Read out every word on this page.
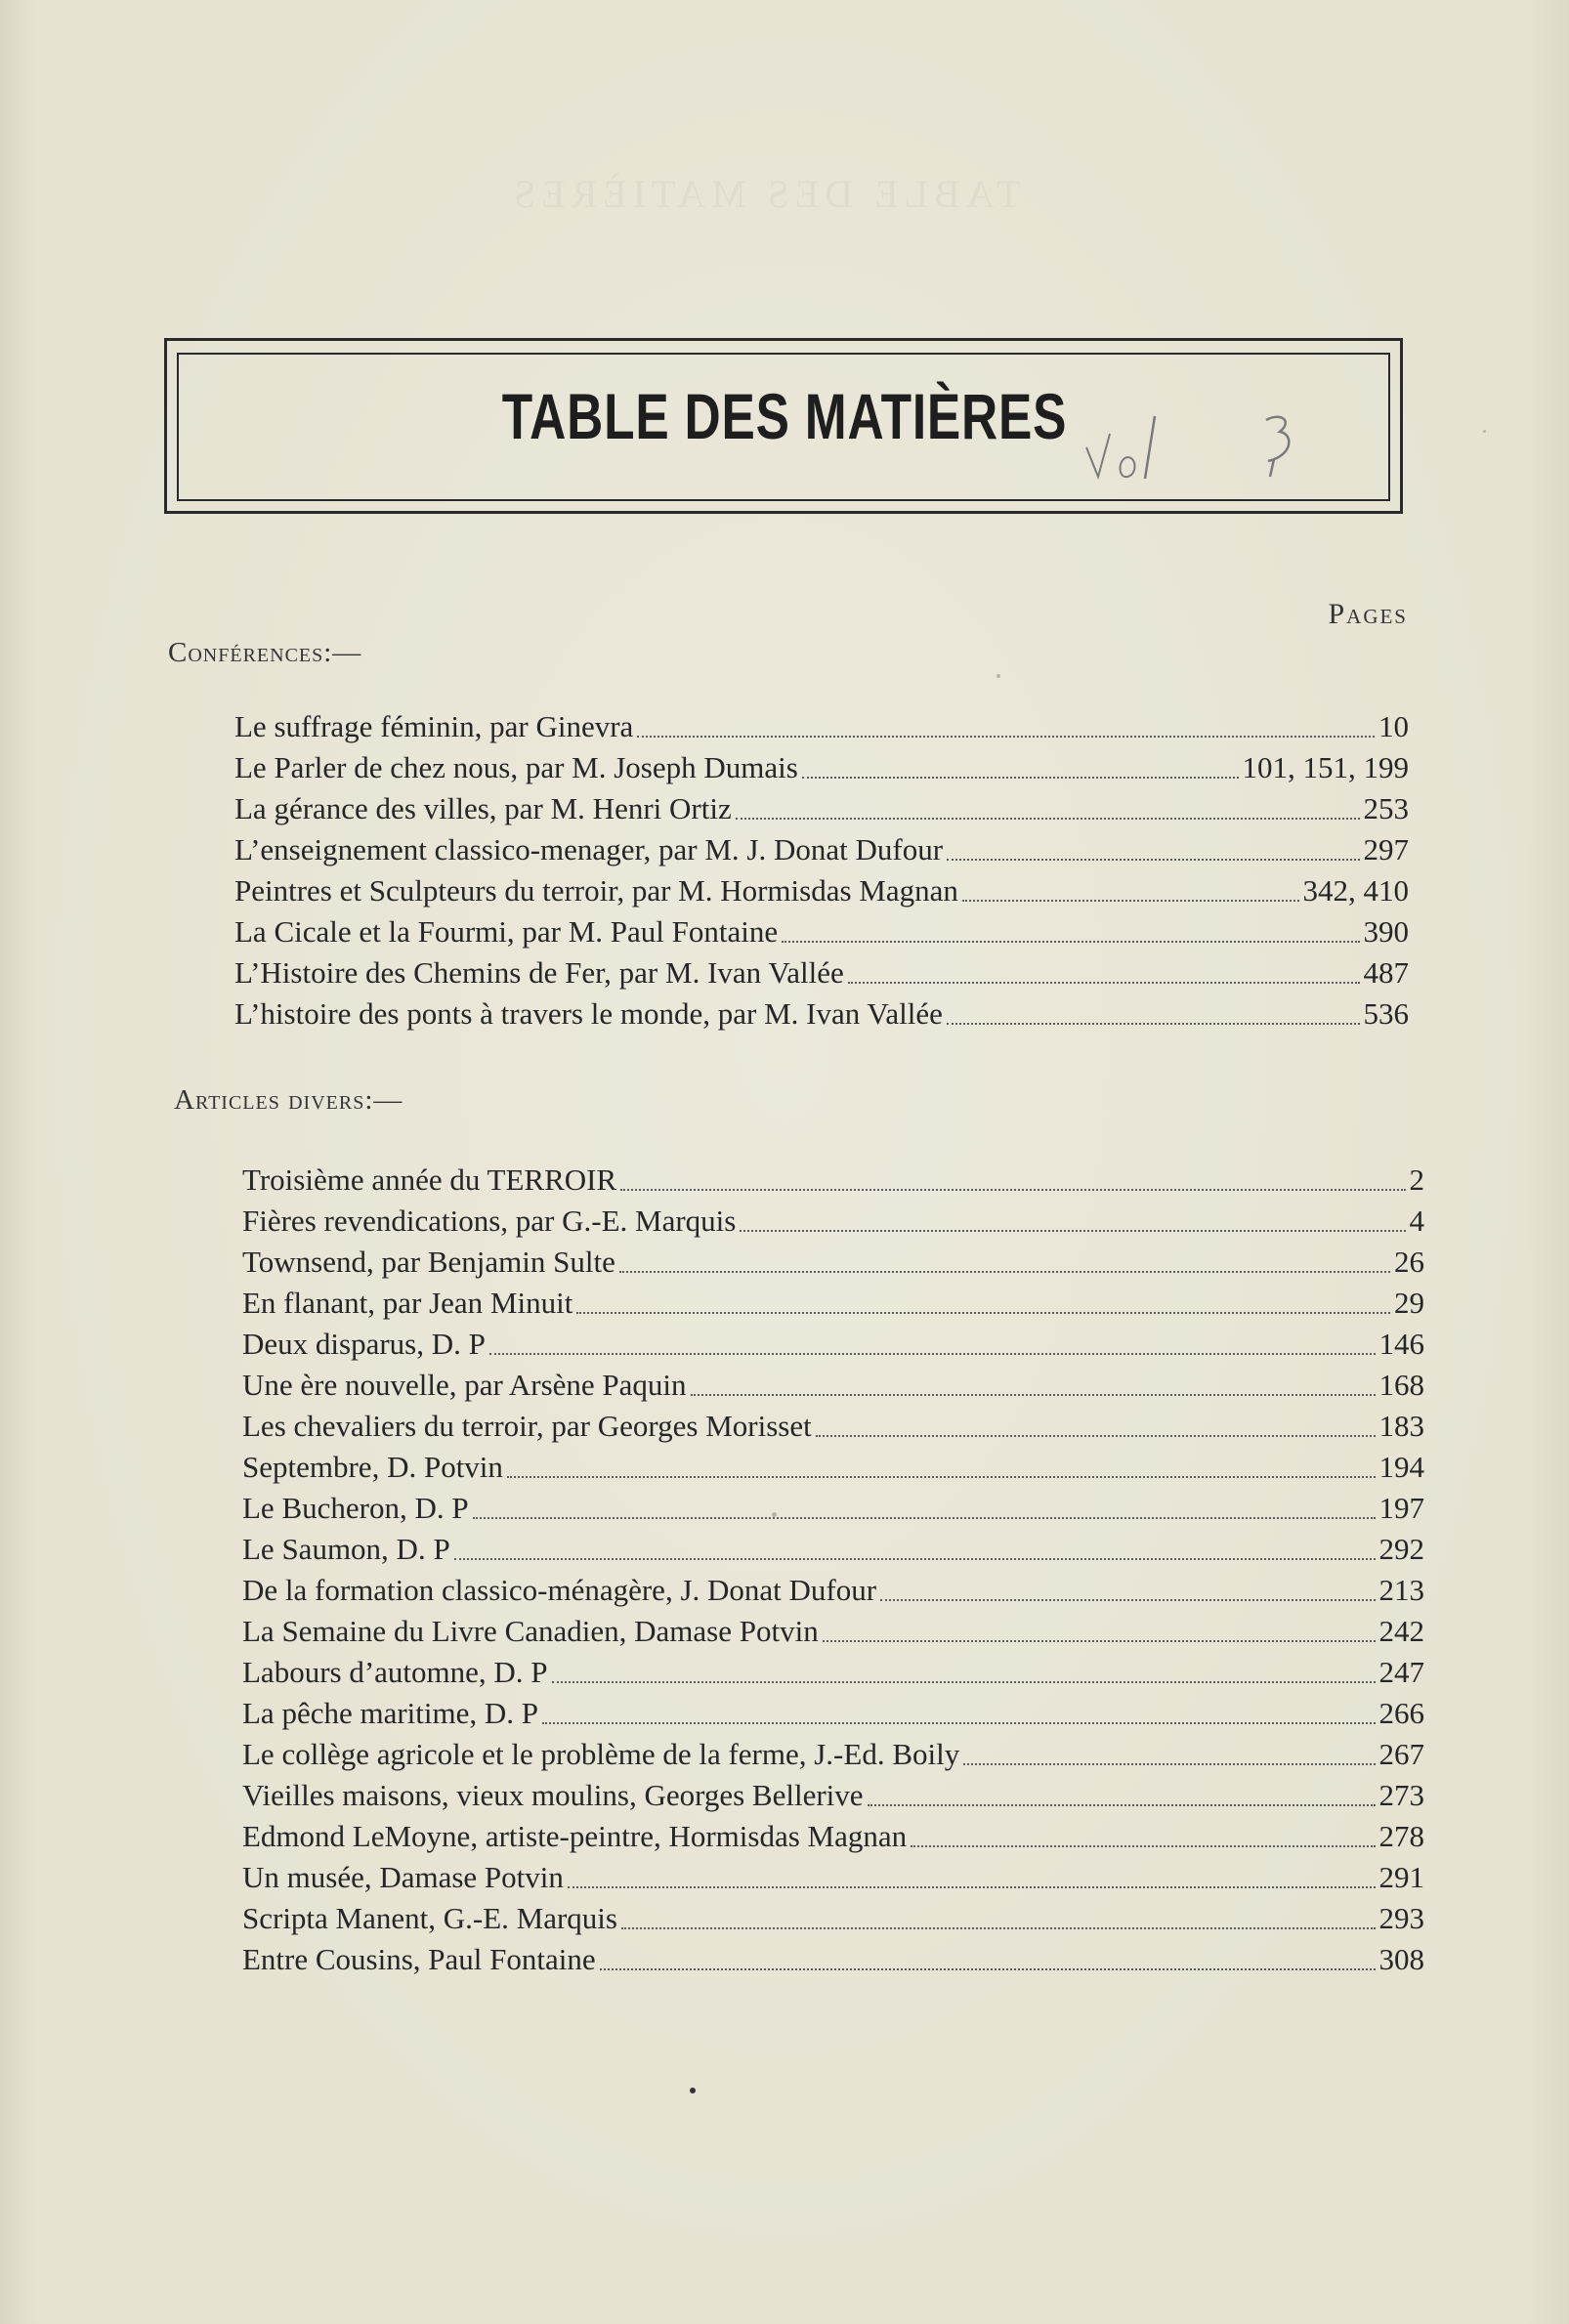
TABLE DES MATIÈRES
TABLE DES MATIÈRES
Pages
Conférences:—
Le suffrage féminin, par Ginevra	10
Le Parler de chez nous, par M. Joseph Dumais	101, 151, 199
La gérance des villes, par M. Henri Ortiz	253
L’enseignement classico-menager, par M. J. Donat Dufour	297
Peintres et Sculpteurs du terroir, par M. Hormisdas Magnan	342, 410
La Cicale et la Fourmi, par M. Paul Fontaine	390
L’Histoire des Chemins de Fer, par M. Ivan Vallée	487
L’histoire des ponts à travers le monde, par M. Ivan Vallée	536
Articles divers:—
Troisième année du TERROIR	2
Fières revendications, par G.-E. Marquis	4
Townsend, par Benjamin Sulte	26
En flanant, par Jean Minuit	29
Deux disparus, D. P	146
Une ère nouvelle, par Arsène Paquin	168
Les chevaliers du terroir, par Georges Morisset	183
Septembre, D. Potvin	194
Le Bucheron, D. P	197
Le Saumon, D. P	292
De la formation classico-ménagère, J. Donat Dufour	213
La Semaine du Livre Canadien, Damase Potvin	242
Labours d’automne, D. P	247
La pêche maritime, D. P	266
Le collège agricole et le problème de la ferme, J.-Ed. Boily	267
Vieilles maisons, vieux moulins, Georges Bellerive	273
Edmond LeMoyne, artiste-peintre, Hormisdas Magnan	278
Un musée, Damase Potvin	291
Scripta Manent, G.-E. Marquis	293
Entre Cousins, Paul Fontaine	308
